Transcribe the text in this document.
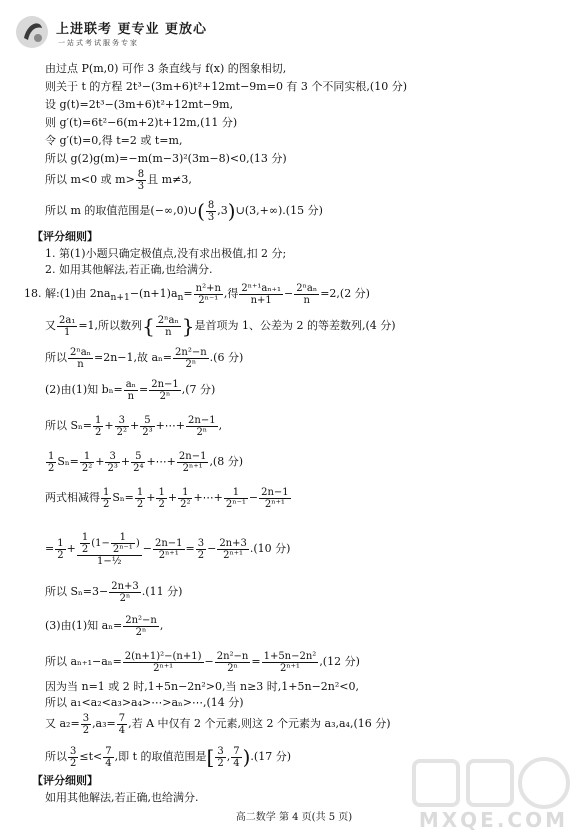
上进联考 更专业 更放心
一站式考试服务专家
由过点 P(m,0) 可作 3 条直线与 f(x) 的图象相切,
则关于 t 的方程 2t³−(3m+6)t²+12mt−9m=0 有 3 个不同实根,(10 分)
设 g(t)=2t³−(3m+6)t²+12mt−9m,
则 g′(t)=6t²−6(m+2)t+12m,(11 分)
令 g′(t)=0,得 t=2 或 t=m,
所以 g(2)g(m)=−m(m−3)²(3m−8)<0,(13 分)
所以 m<0 或 $m> \frac{8}{3}$ 且 m≠3,
所以 m 的取值范围是(−∞,0)∪( $\frac{8}{3}$ ,3)∪(3,+∞).(15 分)
【评分细则】
1. 第(1)小题只确定极值点,没有求出极值,扣 2 分;
2. 如用其他解法,若正确,也给满分.
18. 解:(1)由 $2na_{n+1}-(n+1)a_n= \frac{\text{n²+n}}{\text{2ⁿ⁻¹}}$ ,得 $\frac{\text{2ⁿ⁺¹aₙ₊₁}}{n+1} - \frac{\text{2ⁿaₙ}}{n} =2,(2$ 分)
又 $\frac{\text{2a₁}}{1} =1$,所以数列{ $\frac{\text{2ⁿaₙ}}{n}$ }是首项为 1、公差为 2 的等差数列,(4 分)
所以 $\frac{\text{2ⁿaₙ}}{n} =2n-1$,故 $a_n= \frac{\text{2n²−n}}{\text{2ⁿ}} .(6$ 分)
(2)由(1)知 $b_n= \frac{\text{aₙ}}{n} = \frac{2n-1}{\text{2ⁿ}} ,(7$ 分)
所以 $S_n= \frac{1}{2} + \frac{3}{\text{2²}} + \frac{5}{\text{2³}}$ +⋯+ $\frac{2n-1}{\text{2ⁿ}}$ ,
$\frac{1}{2} S_n= \frac{1}{\text{2²}} + \frac{3}{\text{2³}} + \frac{5}{\text{2⁴}}$ +⋯+ $\frac{2n-1}{\text{2ⁿ⁺¹}} ,(8$ 分)
两式相减得 $\frac{1}{2} S_n= \frac{1}{2} + \frac{1}{2} + \frac{1}{\text{2²}}$ +⋯+ $\frac{1}{\text{2ⁿ⁻¹}} - \frac{2n-1}{\text{2ⁿ⁺¹}}$
= $\frac{1}{2} + \frac{\frac{1}{2} (1- \frac{1}{\text{2ⁿ⁻¹}} )}{\text{1−½}} - \frac{2n-1}{\text{2ⁿ⁺¹}} = \frac{3}{2} - \frac{2n+3}{\text{2ⁿ⁺¹}} .(10$ 分)
所以 $S_n=3- \frac{2n+3}{\text{2ⁿ}} .(11$ 分)
(3)由(1)知 $a_n= \frac{\text{2n²−n}}{\text{2ⁿ}}$ ,
所以 $a_{n+1}-a_n= \frac{\text{2(n+1)²−(n+1)}}{\text{2ⁿ⁺¹}} - \frac{\text{2n²−n}}{\text{2ⁿ}} = \frac{\text{1+5n−2n²}}{\text{2ⁿ⁺¹}} ,(12$ 分)
因为当 n=1 或 2 时,1+5n−2n²>0,当 n≥3 时,1+5n−2n²<0,
所以 a₁<a₂<a₃>a₄>⋯>aₙ>⋯,(14 分)
又 $a_2= \frac{3}{2} ,a_3= \frac{7}{4}$ ,若 A 中仅有 2 个元素,则这 2 个元素为 a₃,a₄,(16 分)
所以 $\frac{3}{2} \le t< \frac{7}{4}$ ,即 t 的取值范围是[ $\frac{3}{2}$ , $\frac{7}{4} ).(17$ 分)
【评分细则】
如用其他解法,若正确,也给满分.
MXQE.COM
高二数学 第 4 页(共 5 页)
